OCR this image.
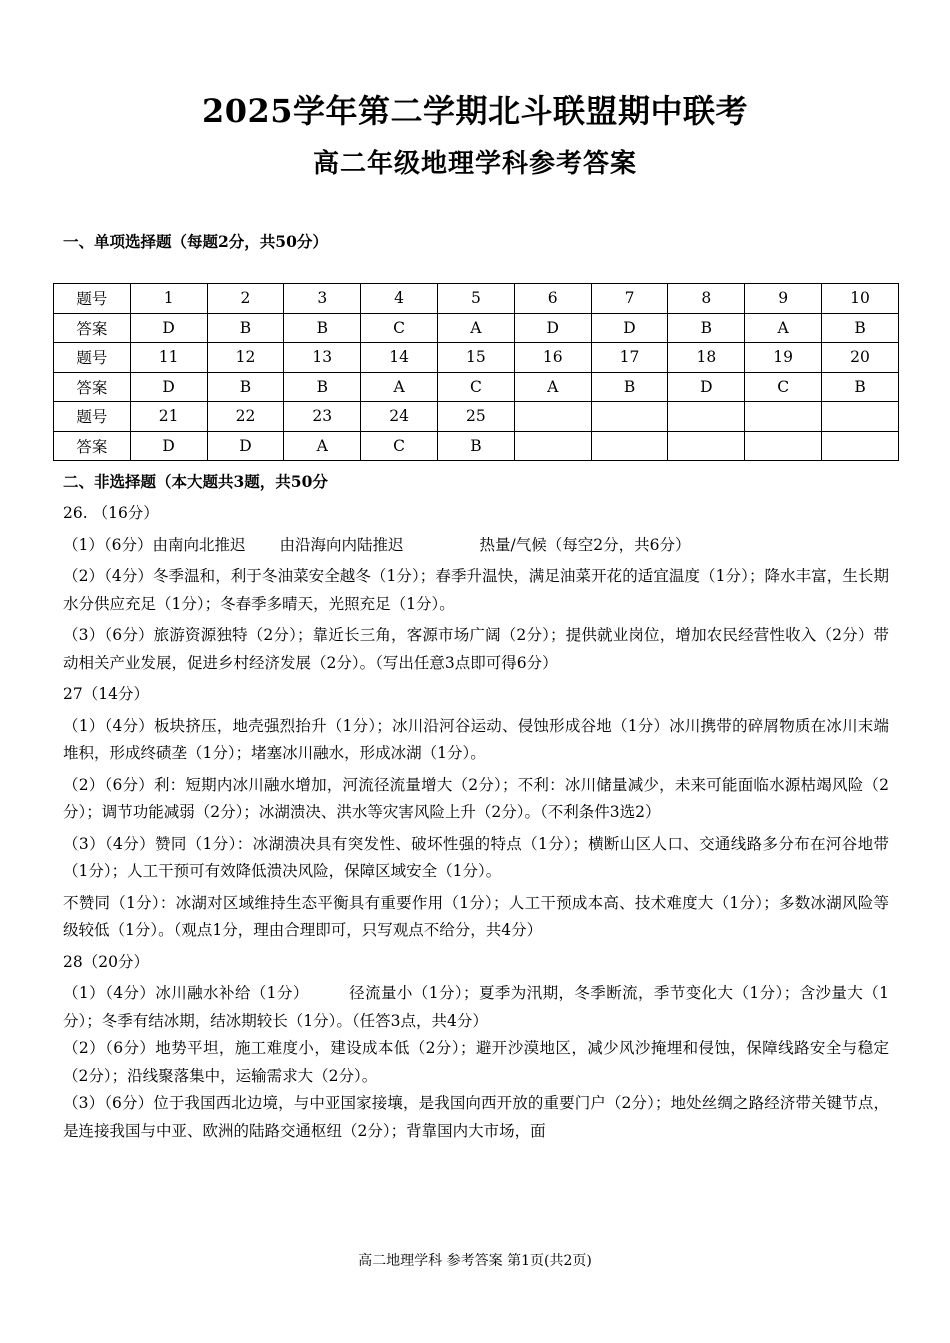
2025学年第二学期北斗联盟期中联考
高二年级地理学科参考答案
一、单项选择题（每题2分，共50分）
题号	1	2	3	4	5	6	7	8	9	10
答案	D	B	B	C	A	D	D	B	A	B
题号	11	12	13	14	15	16	17	18	19	20
答案	D	B	B	A	C	A	B	D	C	B
题号	21	22	23	24	25					
答案	D	D	A	C	B					
二、非选择题（本大题共3题，共50分

26. （16分）

（1）（6分）由南向北推迟 由沿海向内陆推迟	热量/气候（每空2分，共6分）

（2）（4分）冬季温和，利于冬油菜安全越冬（1分）；春季升温快，满足油菜开花的适宜温度（1分）；降水丰富，生长期水分供应充足（1分）；冬春季多晴天，光照充足（1分）。

（3）（6分）旅游资源独特（2分）；靠近长三角，客源市场广阔（2分）；提供就业岗位，增加农民经营性收入（2分）带动相关产业发展，促进乡村经济发展（2分）。（写出任意3点即可得6分）

27（14分）

（1）（4分）板块挤压，地壳强烈抬升（1分）；冰川沿河谷运动、侵蚀形成谷地（1分）冰川携带的碎屑物质在冰川末端堆积，形成终碛垄（1分）；堵塞冰川融水，形成冰湖（1分）。

（2）（6分）利：短期内冰川融水增加，河流径流量增大（2分）；不利：冰川储量减少，未来可能面临水源枯竭风险（2分）；调节功能减弱（2分）；冰湖溃决、洪水等灾害风险上升（2分）。（不利条件3选2）

（3）（4分）赞同（1分）：冰湖溃决具有突发性、破坏性强的特点（1分）；横断山区人口、交通线路多分布在河谷地带（1分）；人工干预可有效降低溃决风险，保障区域安全（1分）。

不赞同（1分）：冰湖对区域维持生态平衡具有重要作用（1分）；人工干预成本高、技术难度大（1分）；多数冰湖风险等级较低（1分）。（观点1分，理由合理即可，只写观点不给分，共4分）

28（20分）

（1）（4分）冰川融水补给（1分）	径流量小（1分）；夏季为汛期，冬季断流，季节变化大（1分）；含沙量大（1分）；冬季有结冰期，结冰期较长（1分）。（任答3点，共4分）

（2）（6分）地势平坦，施工难度小，建设成本低（2分）；避开沙漠地区，减少风沙掩埋和侵蚀，保障线路安全与稳定（2分）；沿线聚落集中，运输需求大（2分）。

（3）（6分）位于我国西北边境，与中亚国家接壤，是我国向西开放的重要门户（2分）；地处丝绸之路经济带关键节点，是连接我国与中亚、欧洲的陆路交通枢纽（2分）；背靠国内大市场，面

高二地理学科 参考答案 第1页(共2页)
